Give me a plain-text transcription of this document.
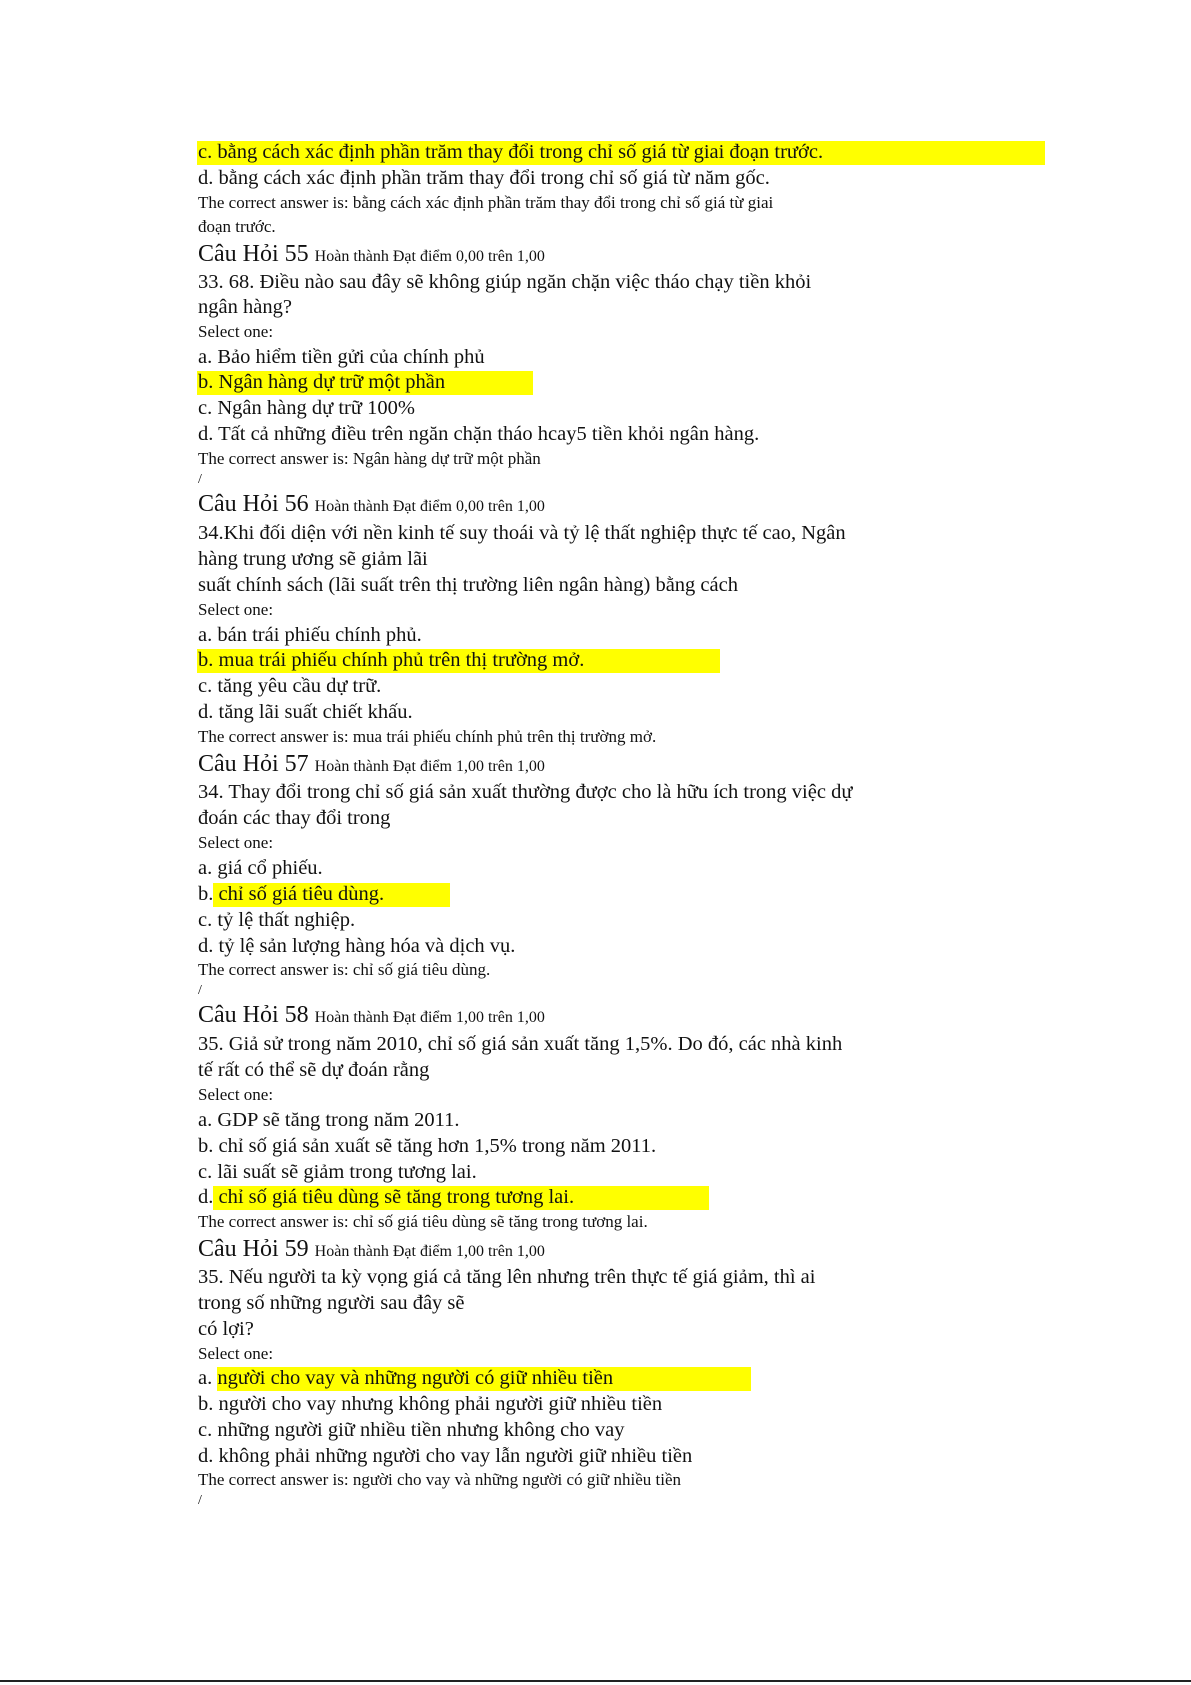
c. bằng cách xác định phần trăm thay đổi trong chỉ số giá từ giai đoạn trước.
d. bằng cách xác định phần trăm thay đổi trong chỉ số giá từ năm gốc.
The correct answer is: bằng cách xác định phần trăm thay đổi trong chỉ số giá từ giai
đoạn trước.
Câu Hỏi 55 Hoàn thành Đạt điểm 0,00 trên 1,00
33. 68. Điều nào sau đây sẽ không giúp ngăn chặn việc tháo chạy tiền khỏi
ngân hàng?
Select one:
a. Bảo hiểm tiền gửi của chính phủ
b. Ngân hàng dự trữ một phần
c. Ngân hàng dự trữ 100%
d. Tất cả những điều trên ngăn chặn tháo hcay5 tiền khỏi ngân hàng.
The correct answer is: Ngân hàng dự trữ một phần
/
Câu Hỏi 56 Hoàn thành Đạt điểm 0,00 trên 1,00
34.Khi đối diện với nền kinh tế suy thoái và tỷ lệ thất nghiệp thực tế cao, Ngân
hàng trung ương sẽ giảm lãi
suất chính sách (lãi suất trên thị trường liên ngân hàng) bằng cách
Select one:
a. bán trái phiếu chính phủ.
b. mua trái phiếu chính phủ trên thị trường mở.
c. tăng yêu cầu dự trữ.
d. tăng lãi suất chiết khấu.
The correct answer is: mua trái phiếu chính phủ trên thị trường mở.
Câu Hỏi 57 Hoàn thành Đạt điểm 1,00 trên 1,00
34. Thay đổi trong chỉ số giá sản xuất thường được cho là hữu ích trong việc dự
đoán các thay đổi trong
Select one:
a. giá cổ phiếu.
b. chỉ số giá tiêu dùng.
c. tỷ lệ thất nghiệp.
d. tỷ lệ sản lượng hàng hóa và dịch vụ.
The correct answer is: chỉ số giá tiêu dùng.
/
Câu Hỏi 58 Hoàn thành Đạt điểm 1,00 trên 1,00
35. Giả sử trong năm 2010, chỉ số giá sản xuất tăng 1,5%. Do đó, các nhà kinh
tế rất có thể sẽ dự đoán rằng
Select one:
a. GDP sẽ tăng trong năm 2011.
b. chỉ số giá sản xuất sẽ tăng hơn 1,5% trong năm 2011.
c. lãi suất sẽ giảm trong tương lai.
d. chỉ số giá tiêu dùng sẽ tăng trong tương lai.
The correct answer is: chỉ số giá tiêu dùng sẽ tăng trong tương lai.
Câu Hỏi 59 Hoàn thành Đạt điểm 1,00 trên 1,00
35. Nếu người ta kỳ vọng giá cả tăng lên nhưng trên thực tế giá giảm, thì ai
trong số những người sau đây sẽ
có lợi?
Select one:
a. người cho vay và những người có giữ nhiều tiền
b. người cho vay nhưng không phải người giữ nhiều tiền
c. những người giữ nhiều tiền nhưng không cho vay
d. không phải những người cho vay lẫn người giữ nhiều tiền
The correct answer is: người cho vay và những người có giữ nhiều tiền
/
